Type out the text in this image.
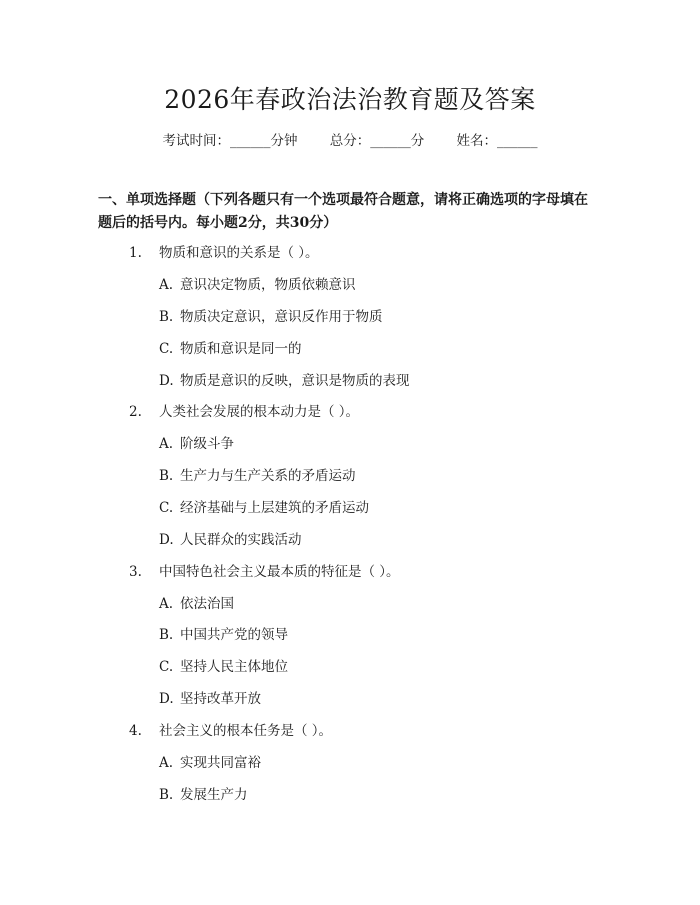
2026年春政治法治教育题及答案
考试时间：______分钟 总分：______分 姓名：______
一、单项选择题（下列各题只有一个选项最符合题意，请将正确选项的字母填在题后的括号内。每小题2分，共30分）
1. 物质和意识的关系是（ ）。
A. 意识决定物质，物质依赖意识
B. 物质决定意识，意识反作用于物质
C. 物质和意识是同一的
D. 物质是意识的反映，意识是物质的表现
2. 人类社会发展的根本动力是（ ）。
A. 阶级斗争
B. 生产力与生产关系的矛盾运动
C. 经济基础与上层建筑的矛盾运动
D. 人民群众的实践活动
3. 中国特色社会主义最本质的特征是（ ）。
A. 依法治国
B. 中国共产党的领导
C. 坚持人民主体地位
D. 坚持改革开放
4. 社会主义的根本任务是（ ）。
A. 实现共同富裕
B. 发展生产力
